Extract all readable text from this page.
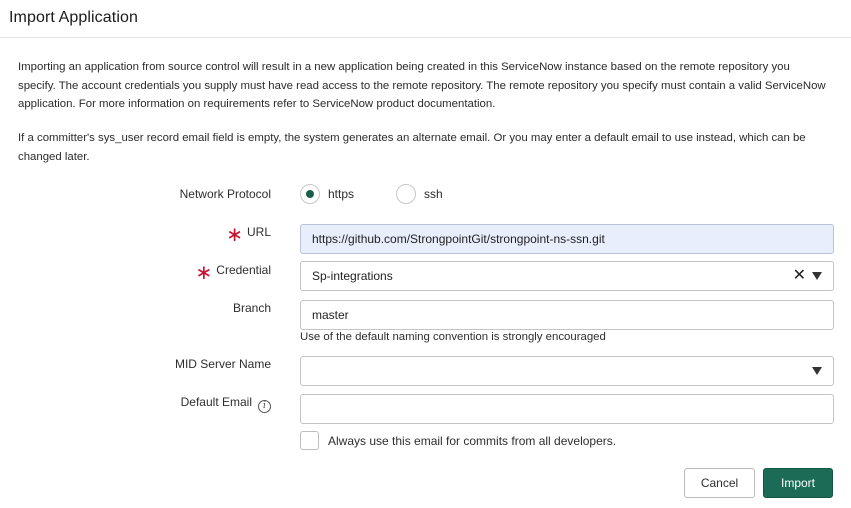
Import Application

Importing an application from source control will result in a new application being created in this ServiceNow instance based on the remote repository you specify. The account credentials you supply must have read access to the remote repository. The remote repository you specify must contain a valid ServiceNow application. For more information on requirements refer to ServiceNow product documentation.

If a committer's sys_user record email field is empty, the system generates an alternate email. Or you may enter a default email to use instead, which can be changed later.

Network Protocol	https	ssh
∗ URL	https://github.com/StrongpointGit/strongpoint-ns-ssn.git
∗ Credential	Sp-integrations	✕
Branch	master
Use of the default naming convention is strongly encouraged
MID Server Name
Default Email i
Always use this email for commits from all developers.
Cancel	Import
